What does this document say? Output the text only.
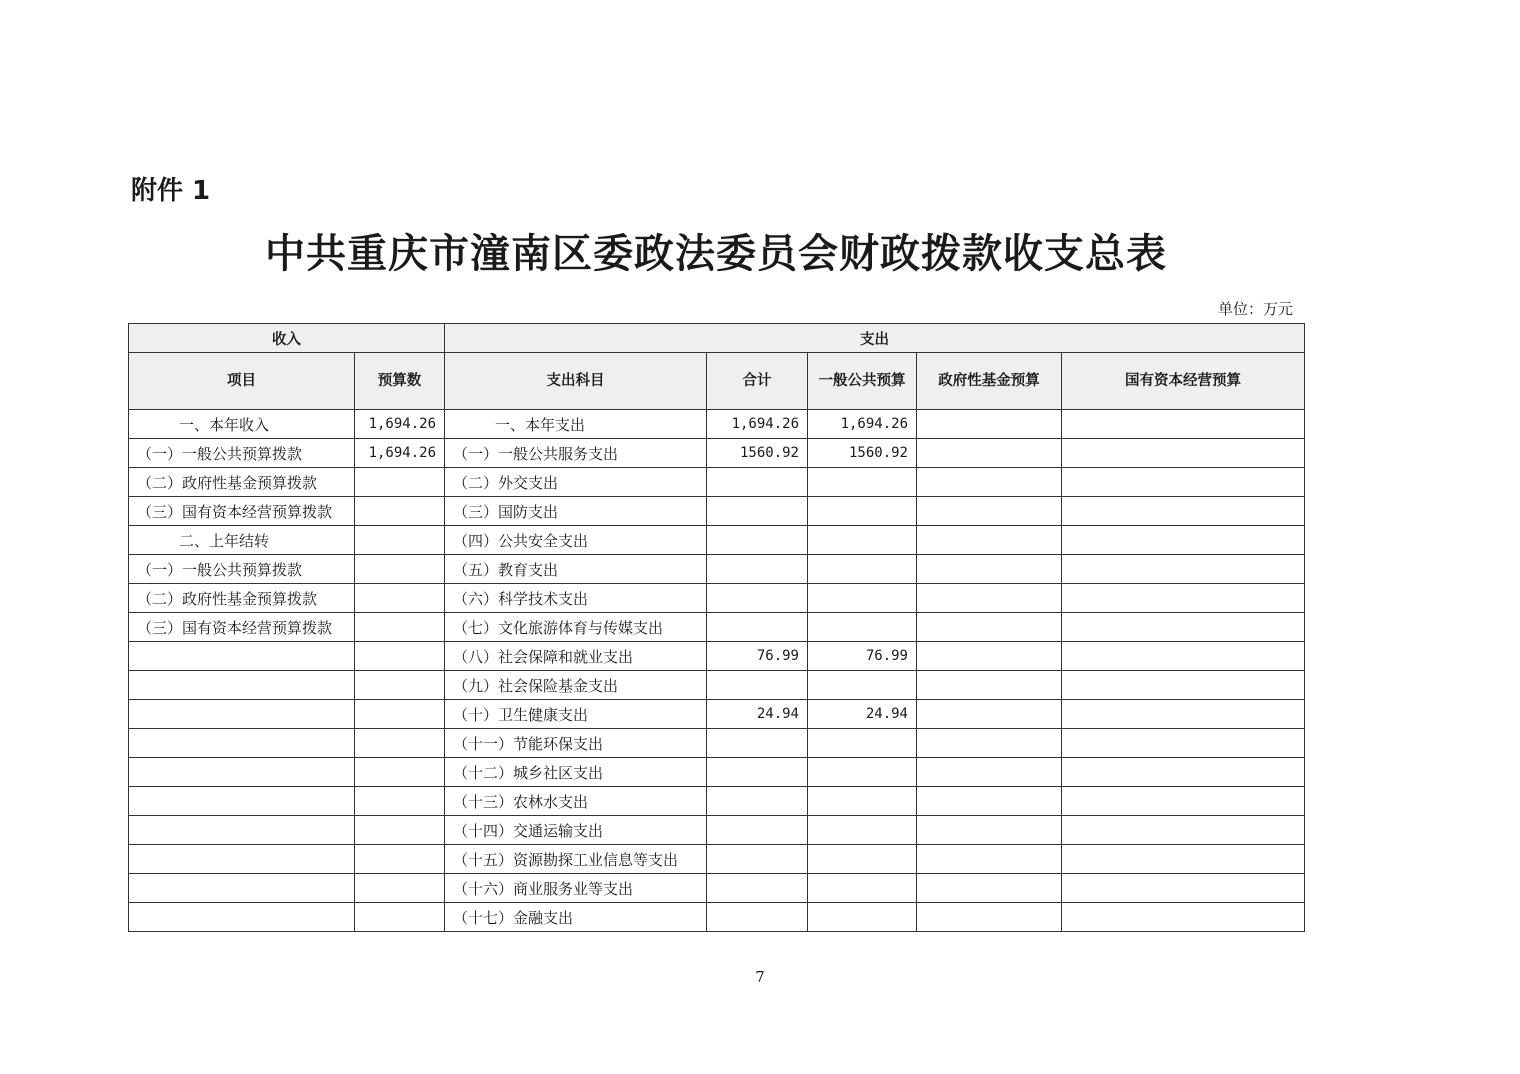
附件 1
中共重庆市潼南区委政法委员会财政拨款收支总表
单位：万元
收入		支出				
项目	预算数	支出科目	合计	一般公共预算	政府性基金预算	国有资本经营预算
一、本年收入	1,694.26	一、本年支出	1,694.26	1,694.26		
（一）一般公共预算拨款	1,694.26	（一）一般公共服务支出	1560.92	1560.92		
（二）政府性基金预算拨款		（二）外交支出				
（三）国有资本经营预算拨款		（三）国防支出				
二、上年结转		（四）公共安全支出				
（一）一般公共预算拨款		（五）教育支出				
（二）政府性基金预算拨款		（六）科学技术支出				
（三）国有资本经营预算拨款		（七）文化旅游体育与传媒支出				
		（八）社会保障和就业支出	76.99	76.99		
		（九）社会保险基金支出				
		（十）卫生健康支出	24.94	24.94		
		（十一）节能环保支出				
		（十二）城乡社区支出				
		（十三）农林水支出				
		（十四）交通运输支出				
		（十五）资源勘探工业信息等支出				
		（十六）商业服务业等支出				
		（十七）金融支出				
7
